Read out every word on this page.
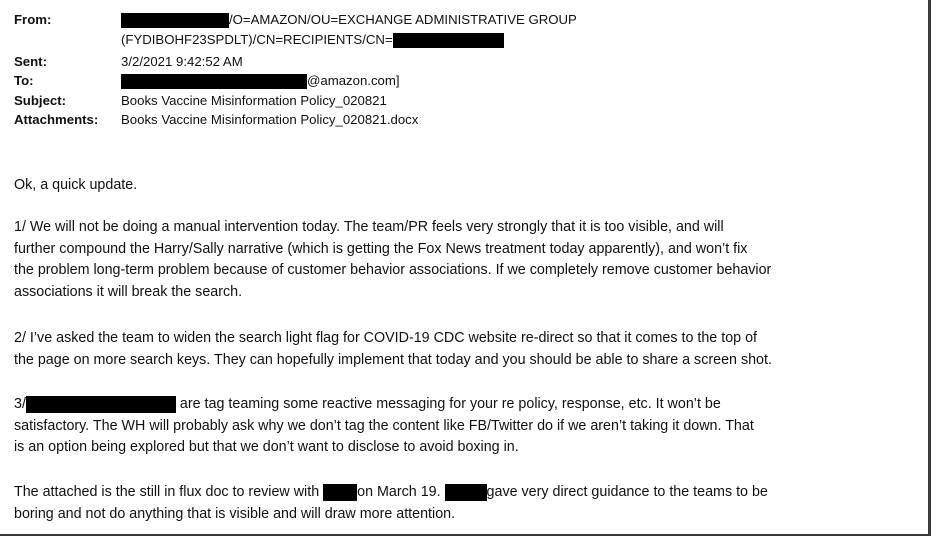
From:	/O=AMAZON/OU=EXCHANGE ADMINISTRATIVE GROUP
(FYDIBOHF23SPDLT)/CN=RECIPIENTS/CN=
Sent:	3/2/2021 9:42:52 AM
To:	@amazon.com]
Subject:	Books Vaccine Misinformation Policy_020821
Attachments: Books Vaccine Misinformation Policy_020821.docx
Ok, a quick update.
1/ We will not be doing a manual intervention today. The team/PR feels very strongly that it is too visible, and will
further compound the Harry/Sally narrative (which is getting the Fox News treatment today apparently), and won’t fix
the problem long-term problem because of customer behavior associations. If we completely remove customer behavior
associations it will break the search.
2/ I’ve asked the team to widen the search light flag for COVID-19 CDC website re-direct so that it comes to the top of
the page on more search keys. They can hopefully implement that today and you should be able to share a screen shot.
3/	are tag teaming some reactive messaging for your re policy, response, etc. It won’t be
satisfactory. The WH will probably ask why we don’t tag the content like FB/Twitter do if we aren’t taking it down. That
is an option being explored but that we don’t want to disclose to avoid boxing in.
The attached is the still in flux doc to review with on March 19.	gave very direct guidance to the teams to be
boring and not do anything that is visible and will draw more attention.
